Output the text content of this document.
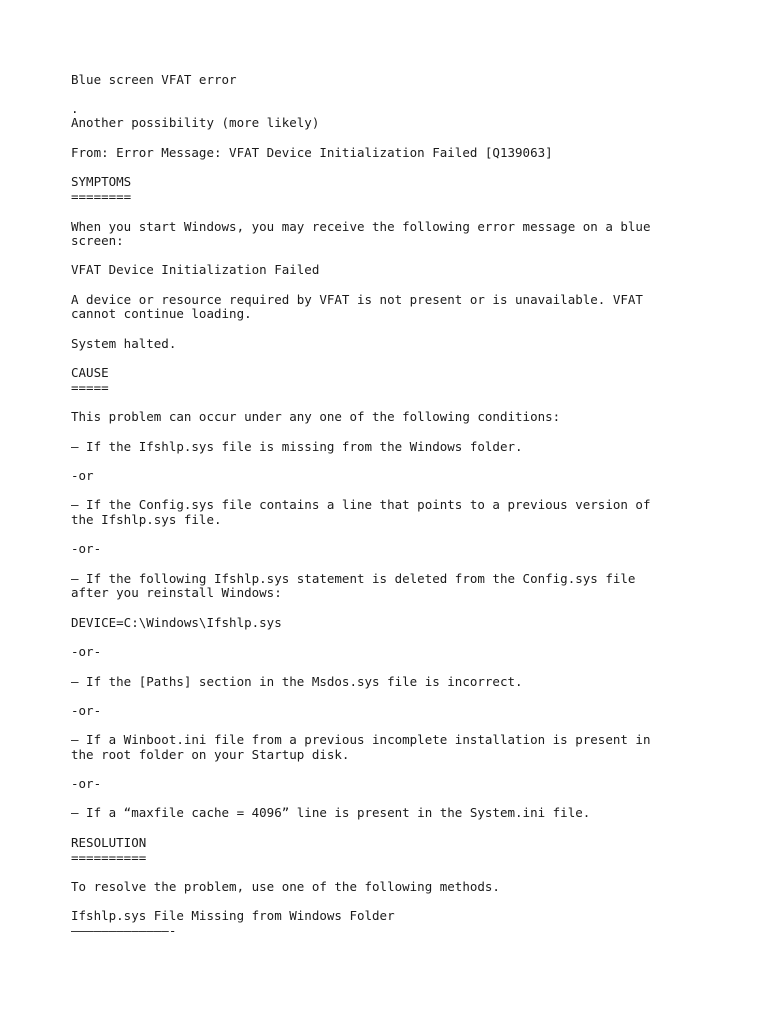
Blue screen VFAT error

.

Another possibility (more likely)

From: Error Message: VFAT Device Initialization Failed [Q139063]

SYMPTOMS

========

When you start Windows, you may receive the following error message on a blue

screen:

VFAT Device Initialization Failed

A device or resource required by VFAT is not present or is unavailable. VFAT

cannot continue loading.

System halted.

CAUSE

=====

This problem can occur under any one of the following conditions:

– If the Ifshlp.sys file is missing from the Windows folder.

-or

– If the Config.sys file contains a line that points to a previous version of

the Ifshlp.sys file.

-or-

– If the following Ifshlp.sys statement is deleted from the Config.sys file

after you reinstall Windows:

DEVICE=C:\Windows\Ifshlp.sys

-or-

– If the [Paths] section in the Msdos.sys file is incorrect.

-or-

– If a Winboot.ini file from a previous incomplete installation is present in

the root folder on your Startup disk.

-or-

– If a “maxfile cache = 4096” line is present in the System.ini file.

RESOLUTION

==========

To resolve the problem, use one of the following methods.

Ifshlp.sys File Missing from Windows Folder

—————————————-
